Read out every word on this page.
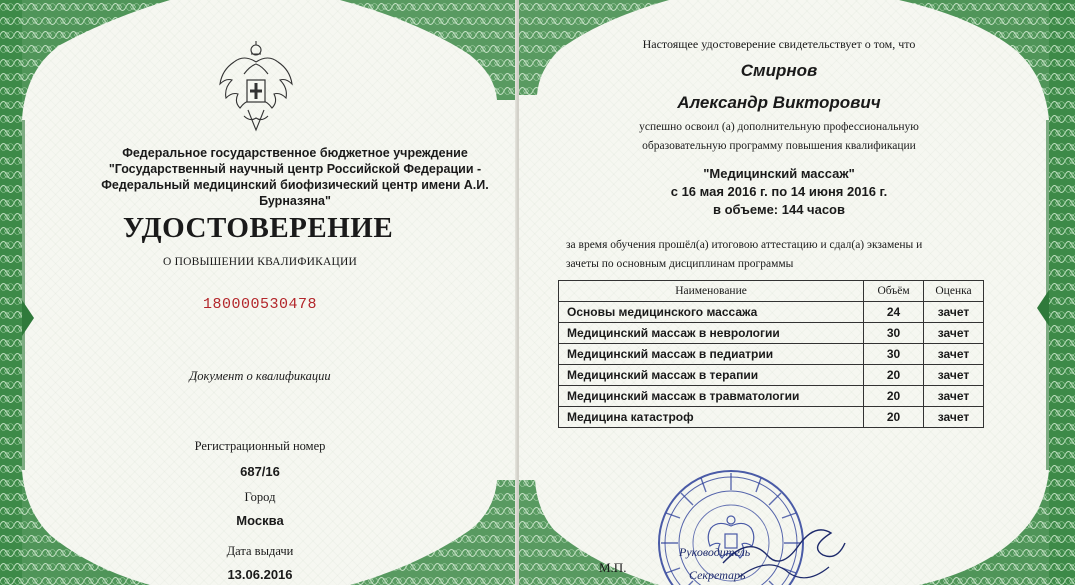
Федеральное государственное бюджетное учреждение "Государственный научный центр Российской Федерации - Федеральный медицинский биофизический центр имени А.И. Бурназяна"
УДОСТОВЕРЕНИЕ
О ПОВЫШЕНИИ КВАЛИФИКАЦИИ
180000530478
Документ о квалификации
Регистрационный номер
687/16
Город
Москва
Дата выдачи
13.06.2016
Настоящее удостоверение свидетельствует о том, что
Смирнов
Александр Викторович
успешно освоил (а) дополнительную профессиональную
образовательную программу повышения квалификации
"Медицинский массаж"
с 16 мая 2016 г. по 14 июня 2016 г.
в объеме: 144 часов
за время обучения прошёл(а) итоговою аттестацию и сдал(а) экзамены и
зачеты по основным дисциплинам программы
Наименование	Объём	Оценка
Основы медицинского массажа	24	зачет
Медицинский массаж в неврологии	30	зачет
Медицинский массаж в педиатрии	30	зачет
Медицинский массаж в терапии	20	зачет
Медицинский массаж в травматологии	20	зачет
Медицина катастроф	20	зачет
М.П.
Руководитель
Секретарь
